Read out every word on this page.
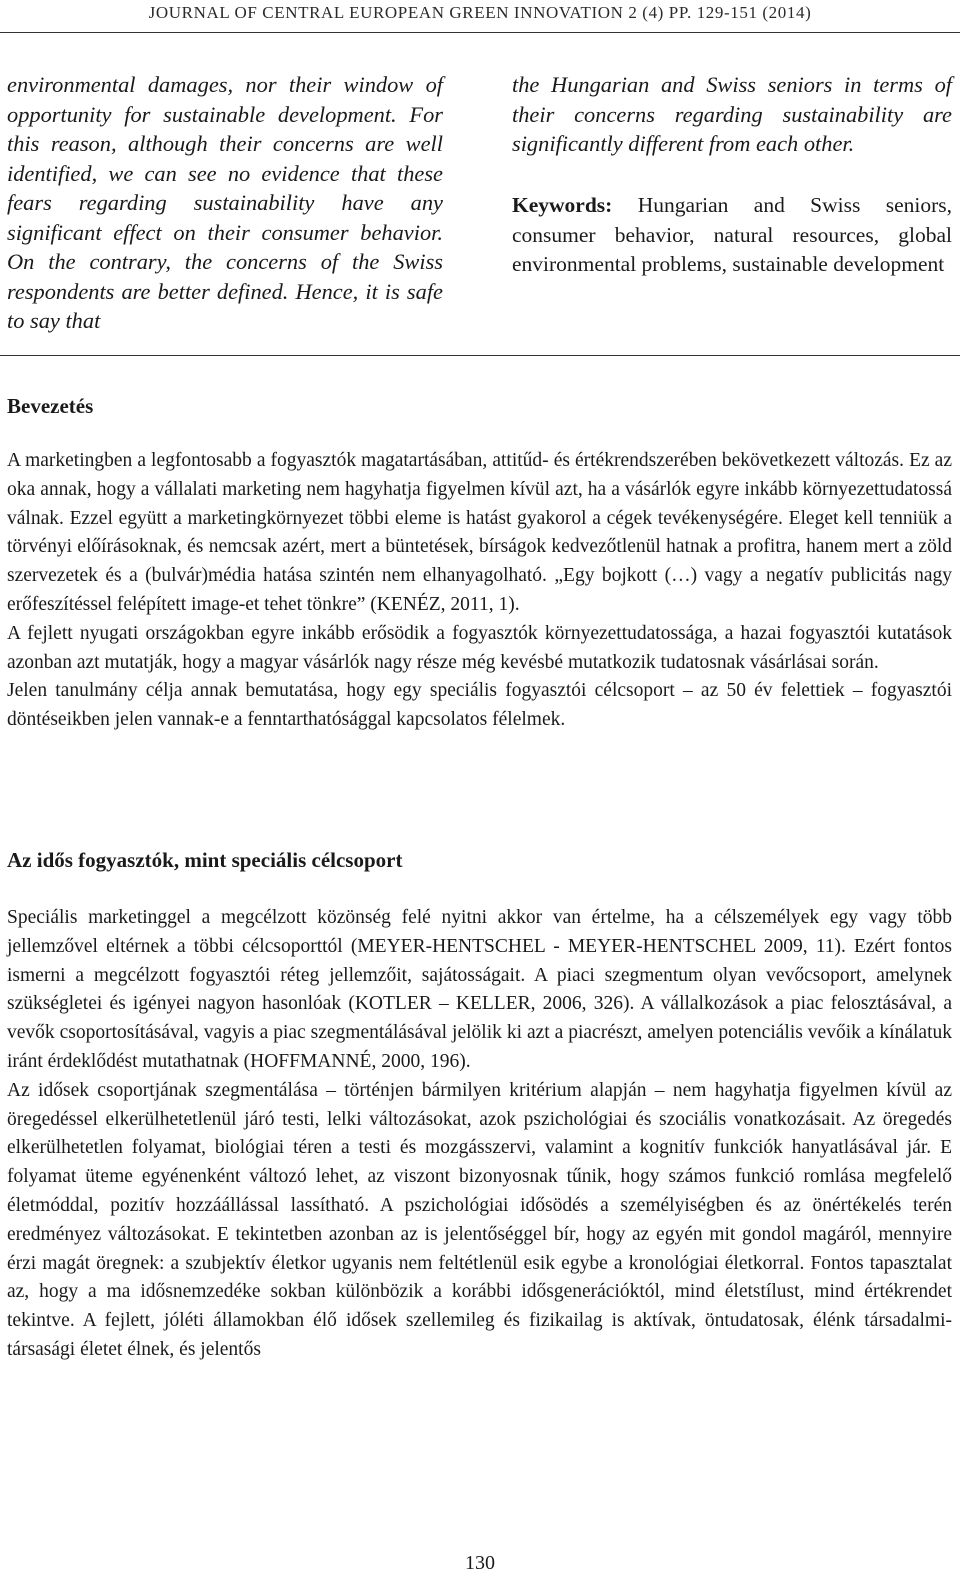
JOURNAL OF CENTRAL EUROPEAN GREEN INNOVATION 2 (4) PP. 129-151 (2014)
environmental damages, nor their window of opportunity for sustainable development. For this reason, although their concerns are well identified, we can see no evidence that these fears regarding sustainability have any significant effect on their consumer behavior. On the contrary, the concerns of the Swiss respondents are better defined. Hence, it is safe to say that
the Hungarian and Swiss seniors in terms of their concerns regarding sustainability are significantly different from each other.
Keywords: Hungarian and Swiss seniors, consumer behavior, natural resources, global environmental problems, sustainable development
Bevezetés

A marketingben a legfontosabb a fogyasztók magatartásában, attitűd- és értékrendszerében bekövetkezett változás. Ez az oka annak, hogy a vállalati marketing nem hagyhatja figyelmen kívül azt, ha a vásárlók egyre inkább környezettudatossá válnak. Ezzel együtt a marketingkörnyezet többi eleme is hatást gyakorol a cégek tevékenységére. Eleget kell tenniük a törvényi előírásoknak, és nemcsak azért, mert a büntetések, bírságok kedvezőtlenül hatnak a profitra, hanem mert a zöld szervezetek és a (bulvár)média hatása szintén nem elhanyagolható. „Egy bojkott (…) vagy a negatív publicitás nagy erőfeszítéssel felépített image-et tehet tönkre” (KENÉZ, 2011, 1).

A fejlett nyugati országokban egyre inkább erősödik a fogyasztók környezettudatossága, a hazai fogyasztói kutatások azonban azt mutatják, hogy a magyar vásárlók nagy része még kevésbé mutatkozik tudatosnak vásárlásai során.

Jelen tanulmány célja annak bemutatása, hogy egy speciális fogyasztói célcsoport – az 50 év felettiek – fogyasztói döntéseikben jelen vannak-e a fenntarthatósággal kapcsolatos félelmek.

Az idős fogyasztók, mint speciális célcsoport

Speciális marketinggel a megcélzott közönség felé nyitni akkor van értelme, ha a célszemélyek egy vagy több jellemzővel eltérnek a többi célcsoporttól (MEYER-HENTSCHEL - MEYER-HENTSCHEL 2009, 11). Ezért fontos ismerni a megcélzott fogyasztói réteg jellemzőit, sajátosságait. A piaci szegmentum olyan vevőcsoport, amelynek szükségletei és igényei nagyon hasonlóak (KOTLER – KELLER, 2006, 326). A vállalkozások a piac felosztásával, a vevők csoportosításával, vagyis a piac szegmentálásával jelölik ki azt a piacrészt, amelyen potenciális vevőik a kínálatuk iránt érdeklődést mutathatnak (HOFFMANNÉ, 2000, 196).

Az idősek csoportjának szegmentálása – történjen bármilyen kritérium alapján – nem hagyhatja figyelmen kívül az öregedéssel elkerülhetetlenül járó testi, lelki változásokat, azok pszichológiai és szociális vonatkozásait. Az öregedés elkerülhetetlen folyamat, biológiai téren a testi és mozgásszervi, valamint a kognitív funkciók hanyatlásával jár. E folyamat üteme egyénenként változó lehet, az viszont bizonyosnak tűnik, hogy számos funkció romlása megfelelő életmóddal, pozitív hozzáállással lassítható. A pszichológiai idősödés a személyiségben és az önértékelés terén eredményez változásokat. E tekintetben azonban az is jelentőséggel bír, hogy az egyén mit gondol magáról, mennyire érzi magát öregnek: a szubjektív életkor ugyanis nem feltétlenül esik egybe a kronológiai életkorral. Fontos tapasztalat az, hogy a ma idősnemzedéke sokban különbözik a korábbi idősgenerációktól, mind életstílust, mind értékrendet tekintve. A fejlett, jóléti államokban élő idősek szellemileg és fizikailag is aktívak, öntudatosak, élénk társadalmi-társasági életet élnek, és jelentős

130
